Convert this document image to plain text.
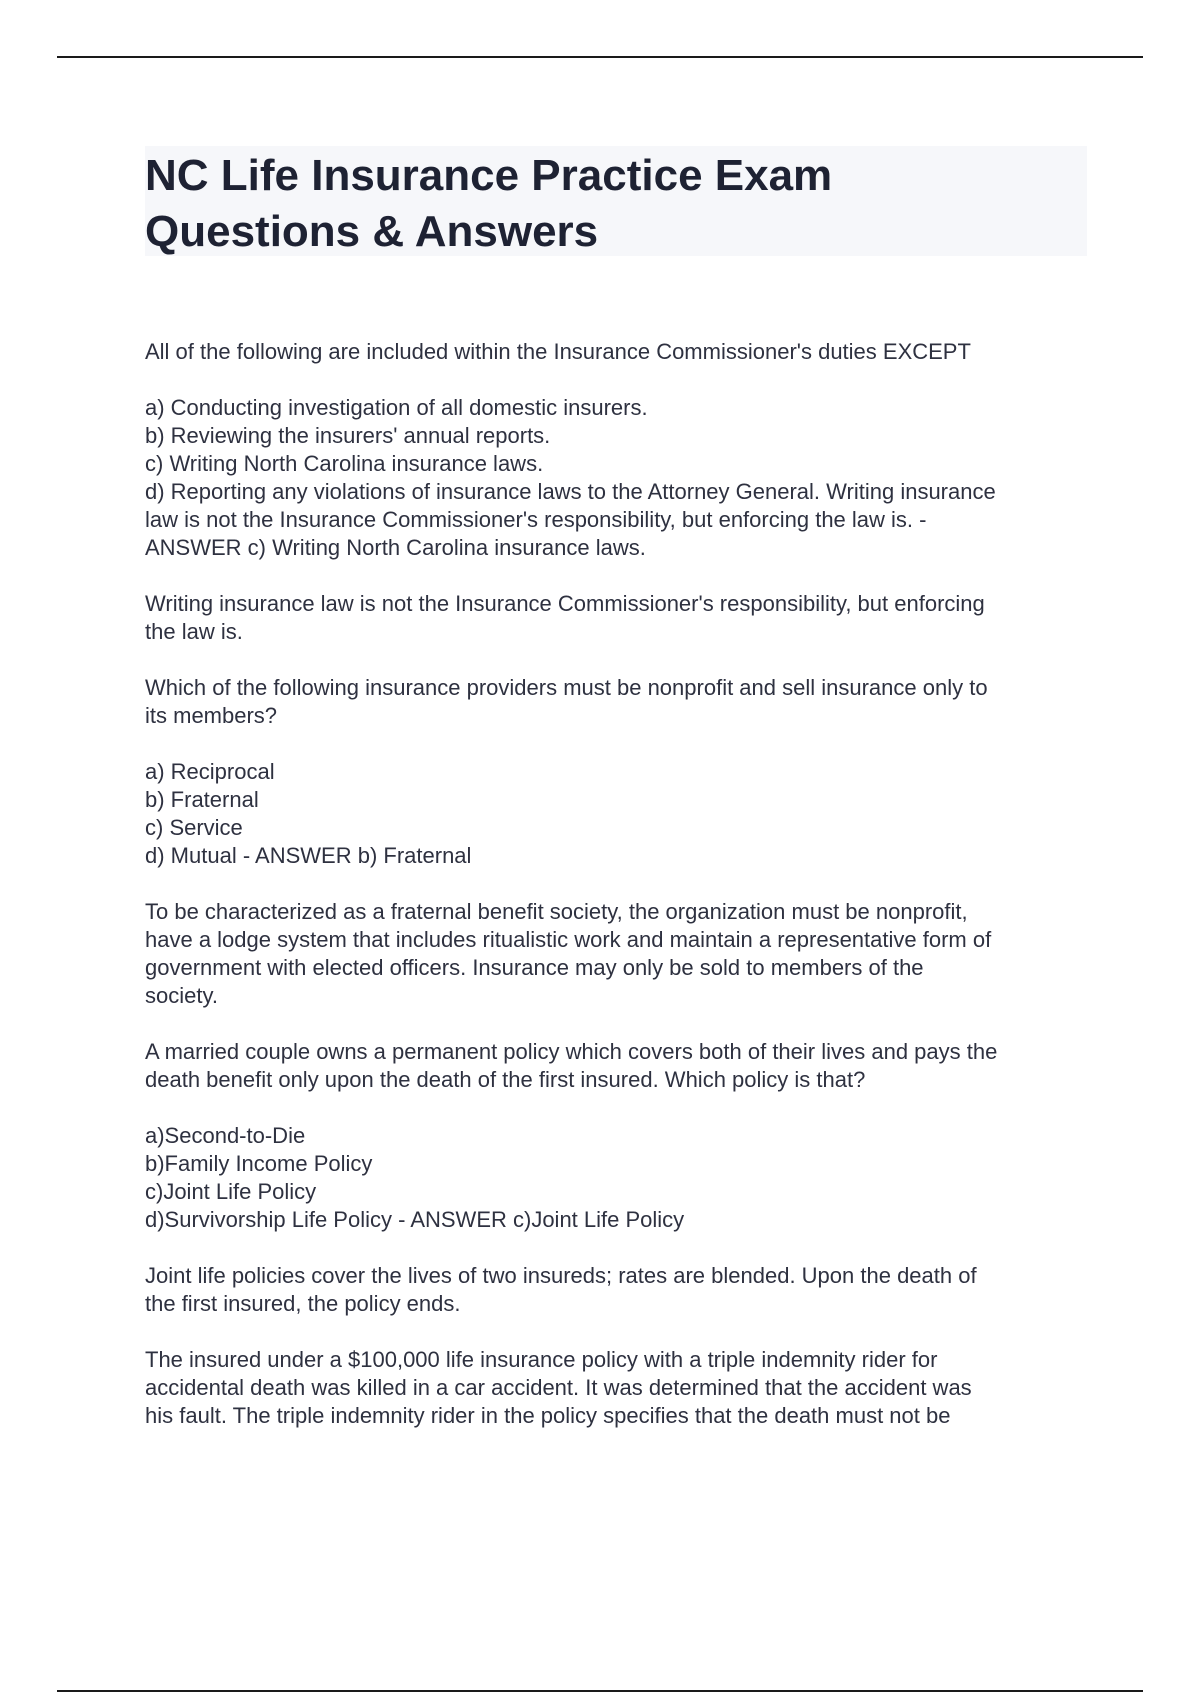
NC Life Insurance Practice Exam
Questions & Answers
All of the following are included within the Insurance Commissioner's duties EXCEPT
a) Conducting investigation of all domestic insurers.
b) Reviewing the insurers' annual reports.
c) Writing North Carolina insurance laws.
d) Reporting any violations of insurance laws to the Attorney General. Writing insurance
law is not the Insurance Commissioner's responsibility, but enforcing the law is. -
ANSWER c) Writing North Carolina insurance laws.
Writing insurance law is not the Insurance Commissioner's responsibility, but enforcing
the law is.
Which of the following insurance providers must be nonprofit and sell insurance only to
its members?
a) Reciprocal
b) Fraternal
c) Service
d) Mutual - ANSWER b) Fraternal
To be characterized as a fraternal benefit society, the organization must be nonprofit,
have a lodge system that includes ritualistic work and maintain a representative form of
government with elected officers. Insurance may only be sold to members of the
society.
A married couple owns a permanent policy which covers both of their lives and pays the
death benefit only upon the death of the first insured. Which policy is that?
a)Second-to-Die
b)Family Income Policy
c)Joint Life Policy
d)Survivorship Life Policy - ANSWER c)Joint Life Policy
Joint life policies cover the lives of two insureds; rates are blended. Upon the death of
the first insured, the policy ends.
The insured under a $100,000 life insurance policy with a triple indemnity rider for
accidental death was killed in a car accident. It was determined that the accident was
his fault. The triple indemnity rider in the policy specifies that the death must not be
